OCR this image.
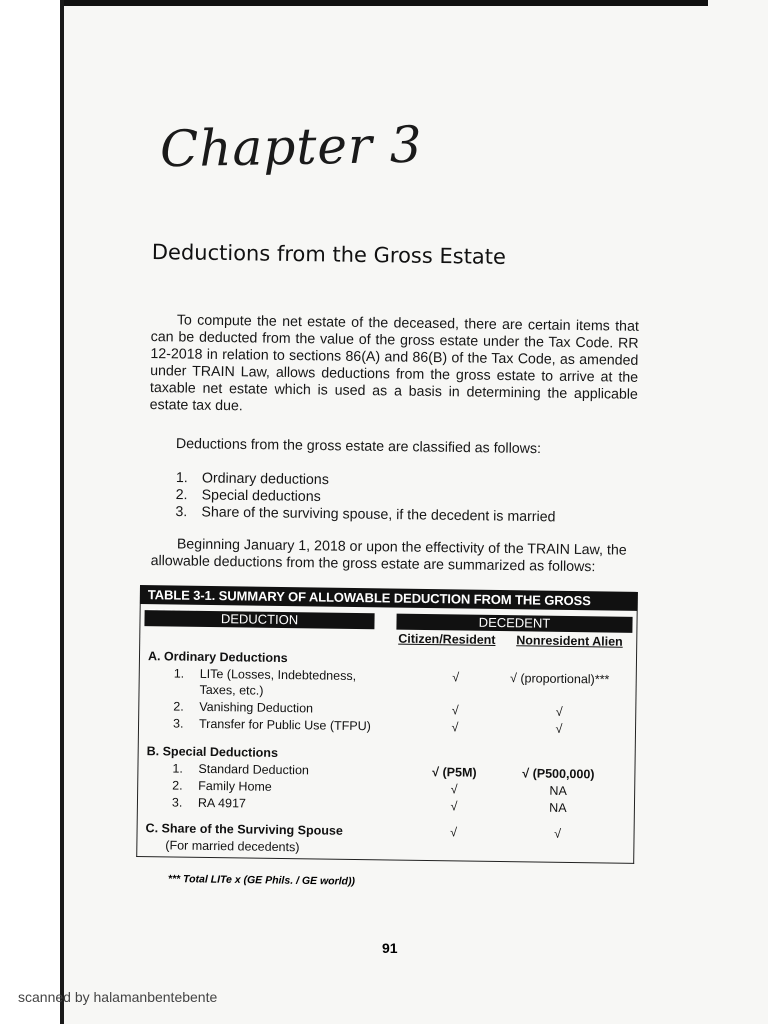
Chapter 3
Deductions from the Gross Estate

To compute the net estate of the deceased, there are certain items that can be deducted from the value of the gross estate under the Tax Code. RR 12-2018 in relation to sections 86(A) and 86(B) of the Tax Code, as amended under TRAIN Law, allows deductions from the gross estate to arrive at the taxable net estate which is used as a basis in determining the applicable estate tax due.

Deductions from the gross estate are classified as follows:

1. Ordinary deductions
2. Special deductions
3. Share of the surviving spouse, if the decedent is married

Beginning January 1, 2018 or upon the effectivity of the TRAIN Law, the allowable deductions from the gross estate are summarized as follows:

TABLE 3-1. SUMMARY OF ALLOWABLE DEDUCTION FROM THE GROSS
DEDUCTION	DECEDENT
Citizen/Resident Nonresident Alien
A. Ordinary Deductions
1. LITe (Losses, Indebtedness,	√	√ (proportional)***
Taxes, etc.)
2. Vanishing Deduction	√	√
3. Transfer for Public Use (TFPU)	√	√
B. Special Deductions
1. Standard Deduction	√ (P5M)	√ (P500,000)
2. Family Home	√	NA
3. RA 4917	√	NA
C. Share of the Surviving Spouse	√	√
(For married decedents)
*** Total LITe x (GE Phils. / GE world))
91
scanned by halamanbentebente
